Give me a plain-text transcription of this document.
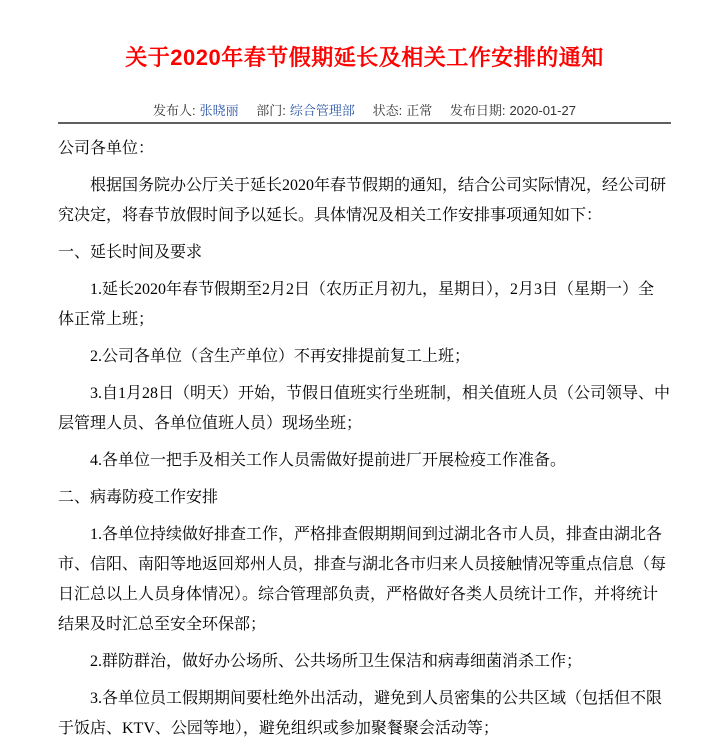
关于2020年春节假期延长及相关工作安排的通知
发布人: 张晓丽 部门: 综合管理部 状态: 正常 发布日期: 2020-01-27

公司各单位：

根据国务院办公厅关于延长2020年春节假期的通知，结合公司实际情况，经公司研
究决定，将春节放假时间予以延长。具体情况及相关工作安排事项通知如下：

一、延长时间及要求

1.延长2020年春节假期至2月2日（农历正月初九，星期日），2月3日（星期一）全
体正常上班；

2.公司各单位（含生产单位）不再安排提前复工上班；

3.自1月28日（明天）开始，节假日值班实行坐班制，相关值班人员（公司领导、中
层管理人员、各单位值班人员）现场坐班；

4.各单位一把手及相关工作人员需做好提前进厂开展检疫工作准备。

二、病毒防疫工作安排

1.各单位持续做好排查工作，严格排查假期期间到过湖北各市人员，排查由湖北各
市、信阳、南阳等地返回郑州人员，排查与湖北各市归来人员接触情况等重点信息（每
日汇总以上人员身体情况）。综合管理部负责，严格做好各类人员统计工作，并将统计
结果及时汇总至安全环保部；

2.群防群治，做好办公场所、公共场所卫生保洁和病毒细菌消杀工作；

3.各单位员工假期期间要杜绝外出活动，避免到人员密集的公共区域（包括但不限
于饭店、KTV、公园等地），避免组织或参加聚餐聚会活动等；
